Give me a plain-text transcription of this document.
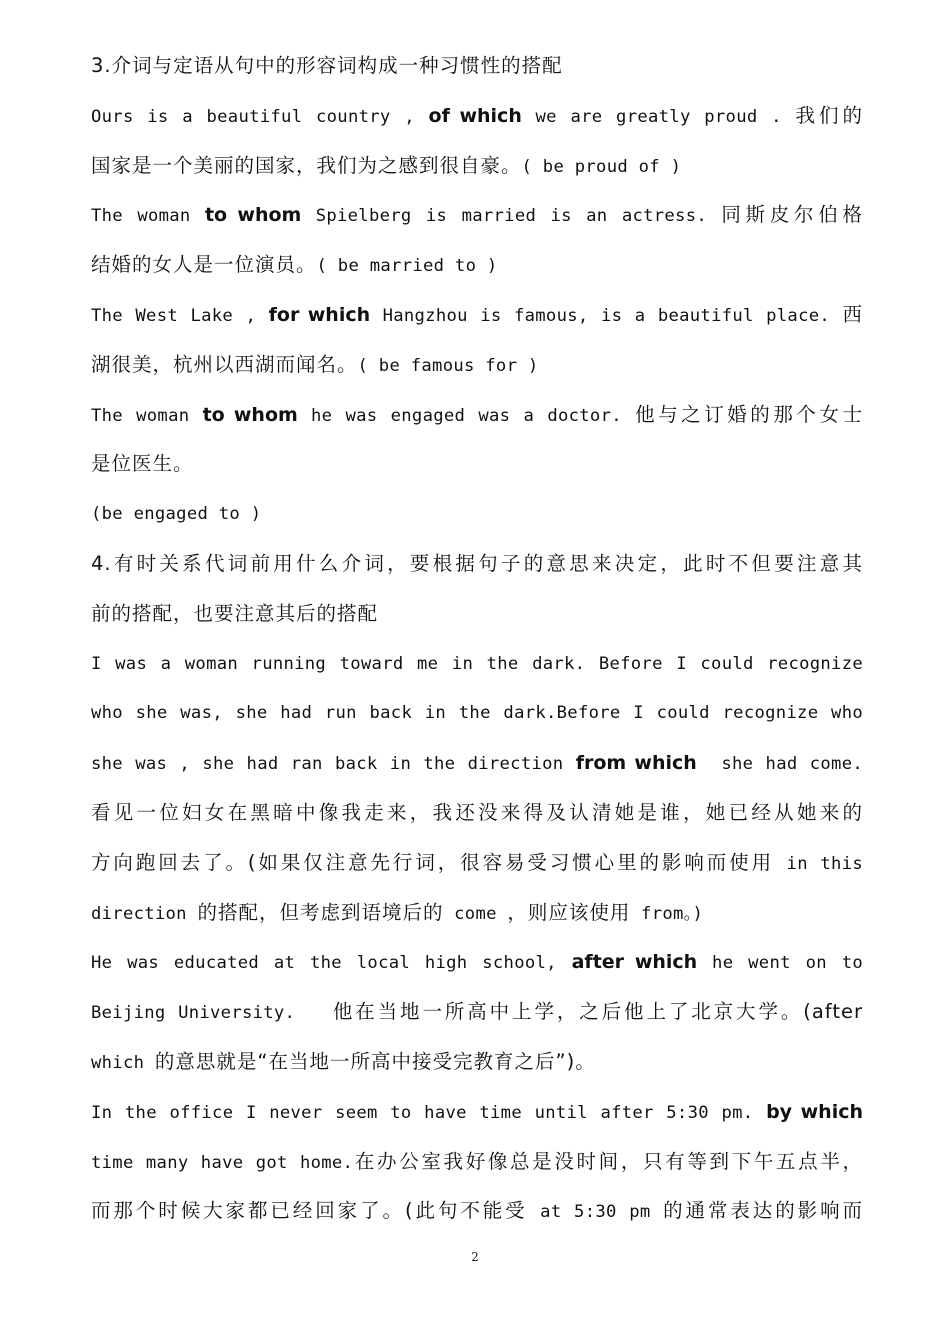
3.介词与定语从句中的形容词构成一种习惯性的搭配
Ours is a beautiful country , of which we are greatly proud . 我们的
国家是一个美丽的国家，我们为之感到很自豪。( be proud of )
The woman to whom Spielberg is married is an actress. 同斯皮尔伯格
结婚的女人是一位演员。( be married to )
The West Lake , for which Hangzhou is famous, is a beautiful place. 西
湖很美，杭州以西湖而闻名。( be famous for )
The woman to whom he was engaged was a doctor. 他与之订婚的那个女士
是位医生。
(be engaged to )
4.有时关系代词前用什么介词，要根据句子的意思来决定，此时不但要注意其
前的搭配，也要注意其后的搭配
I was a woman running toward me in the dark. Before I could recognize
who she was, she had run back in the dark.Before I could recognize who
she was , she had ran back in the direction from which  she had come.
看见一位妇女在黑暗中像我走来，我还没来得及认清她是谁，她已经从她来的
方向跑回去了。(如果仅注意先行词，很容易受习惯心里的影响而使用 in this
direction 的搭配，但考虑到语境后的 come ，则应该使用 from。)
He was educated at the local high school, after which he went on to
Beijing University.   他在当地一所高中上学，之后他上了北京大学。(after
which 的意思就是“在当地一所高中接受完教育之后”)。
In the office I never seem to have time until after 5:30 pm. by which
time many have got home.在办公室我好像总是没时间，只有等到下午五点半，
而那个时候大家都已经回家了。(此句不能受 at 5:30 pm 的通常表达的影响而
2
